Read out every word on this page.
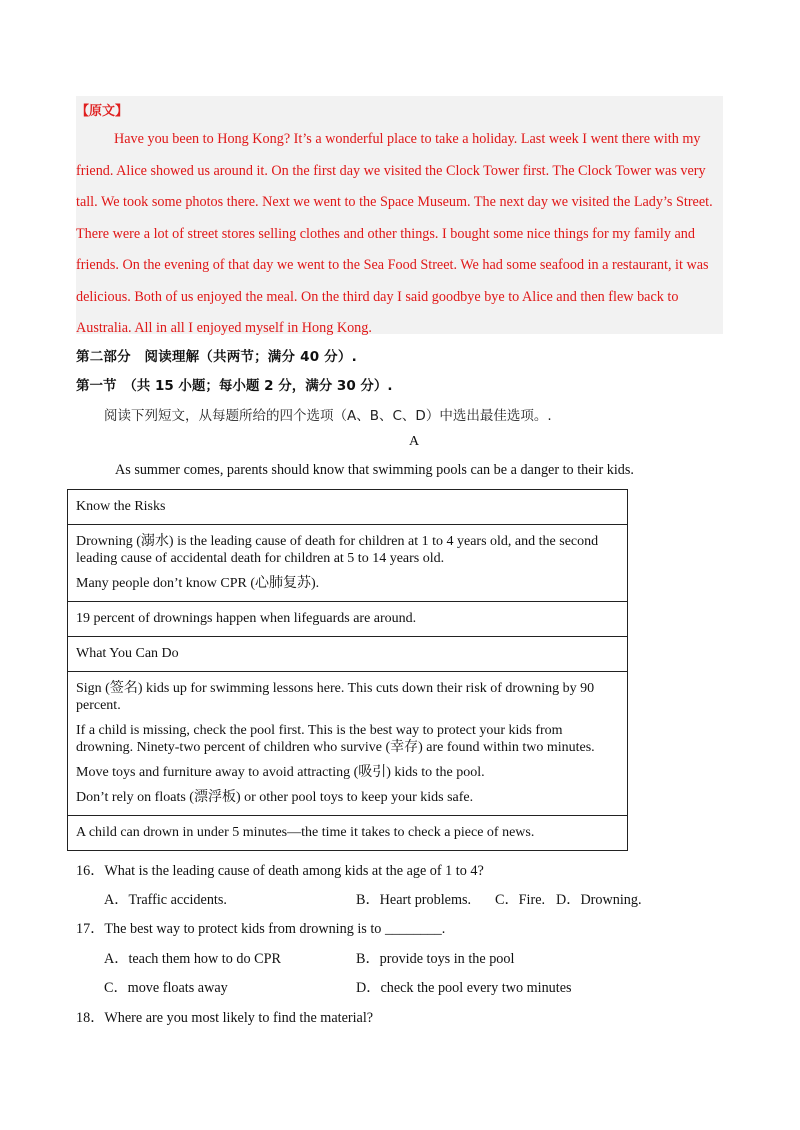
【原文】

Have you been to Hong Kong? It’s a wonderful place to take a holiday. Last week I went there with my friend. Alice showed us around it. On the first day we visited the Clock Tower first. The Clock Tower was very tall. We took some photos there. Next we went to the Space Museum. The next day we visited the Lady’s Street. There were a lot of street stores selling clothes and other things. I bought some nice things for my family and friends. On the evening of that day we went to the Sea Food Street. We had some seafood in a restaurant, it was delicious. Both of us enjoyed the meal. On the third day I said goodbye bye to Alice and then flew back to Australia. All in all I enjoyed myself in Hong Kong.

第二部分　阅读理解（共两节；满分 40 分）.
第一节　（共 15 小题；每小题 2 分，满分 30 分）.
阅读下列短文，从每题所给的四个选项（A、B、C、D）中选出最佳选项。.
A
As summer comes, parents should know that swimming pools can be a danger to their kids.
Know the Risks

Drowning (溺水) is the leading cause of death for children at 1 to 4 years old, and the second leading cause of accidental death for children at 5 to 14 years old.

Many people don’t know CPR (心肺复苏).

19 percent of drownings happen when lifeguards are around.
What You Can Do

Sign (签名) kids up for swimming lessons here. This cuts down their risk of drowning by 90 percent.

If a child is missing, check the pool first. This is the best way to protect your kids from drowning. Ninety-two percent of children who survive (幸存) are found within two minutes.

Move toys and furniture away to avoid attracting (吸引) kids to the pool.

Don’t rely on floats (漂浮板) or other pool toys to keep your kids safe.

A child can drown in under 5 minutes—the time it takes to check a piece of news.
16．What is the leading cause of death among kids at the age of 1 to 4?
A．Traffic accidents.	B．Heart problems. C．Fire. D．Drowning.
17．The best way to protect kids from drowning is to ________.
A．teach them how to do CPR	B．provide toys in the pool
C．move floats away	D．check the pool every two minutes
18．Where are you most likely to find the material?
